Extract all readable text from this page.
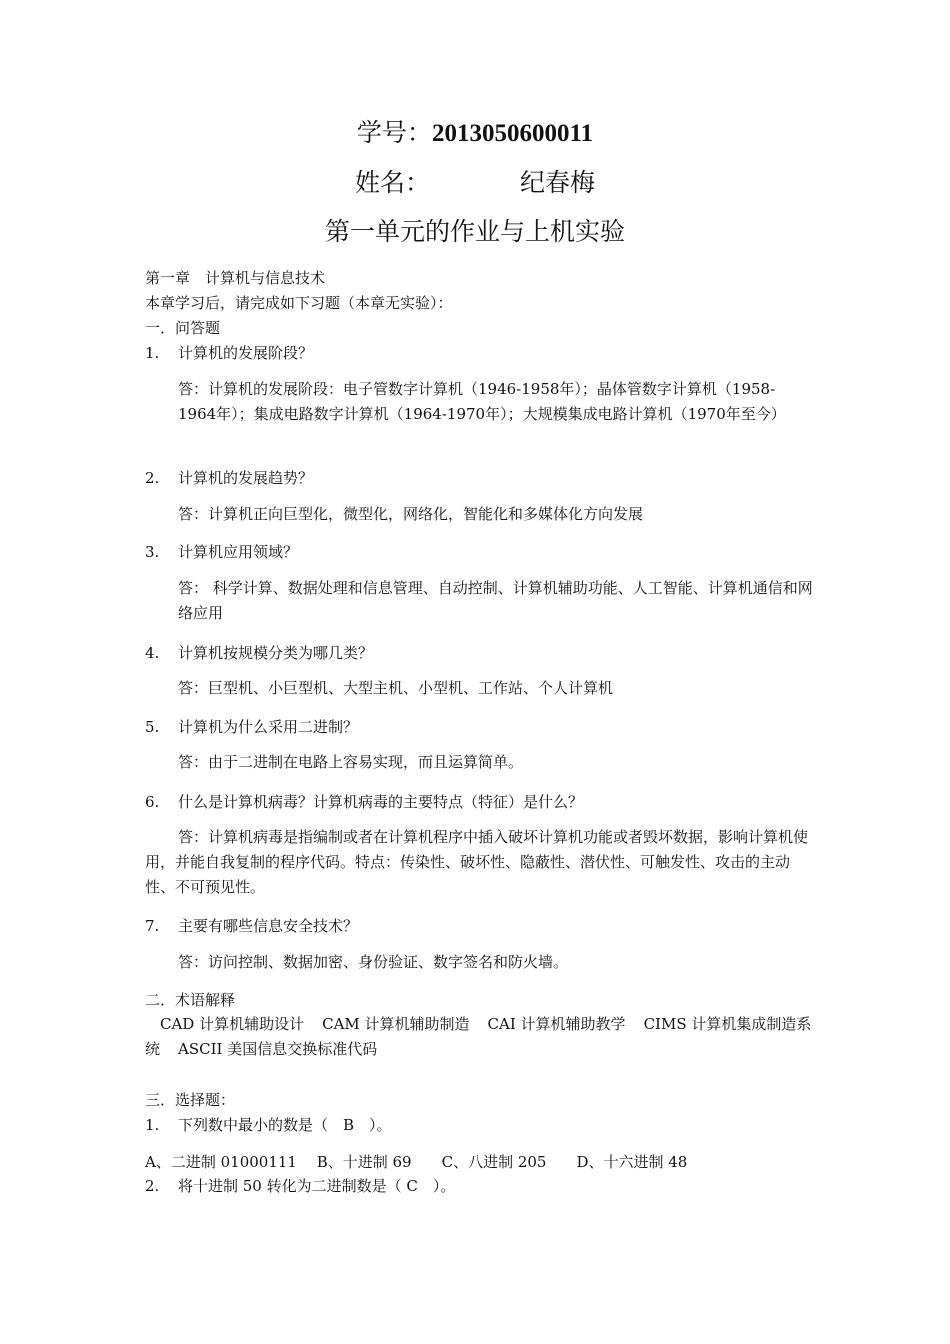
学号：2013050600011
姓名：	纪春梅
第一单元的作业与上机实验
第一章　计算机与信息技术
本章学习后，请完成如下习题（本章无实验）：
一．问答题
1. 计算机的发展阶段？
答：计算机的发展阶段：电子管数字计算机（1946-1958年）；晶体管数字计算机（1958-1964年）；集成电路数字计算机（1964-1970年）；大规模集成电路计算机（1970年至今）
2. 计算机的发展趋势？
答：计算机正向巨型化，微型化，网络化，智能化和多媒体化方向发展
3. 计算机应用领域？
答： 科学计算、数据处理和信息管理、自动控制、计算机辅助功能、人工智能、计算机通信和网络应用
4. 计算机按规模分类为哪几类？
答：巨型机、小巨型机、大型主机、小型机、工作站、个人计算机
5. 计算机为什么采用二进制？
答：由于二进制在电路上容易实现，而且运算简单。
6. 什么是计算机病毒？计算机病毒的主要特点（特征）是什么？
答：计算机病毒是指编制或者在计算机程序中插入破坏计算机功能或者毁坏数据，影响计算机使用，并能自我复制的程序代码。特点：传染性、破坏性、隐蔽性、潜伏性、可触发性、攻击的主动性、不可预见性。
7. 主要有哪些信息安全技术？
答：访问控制、数据加密、身份验证、数字签名和防火墙。
二．术语解释
CAD 计算机辅助设计 CAM 计算机辅助制造 CAI 计算机辅助教学 CIMS 计算机集成制造系统 ASCII 美国信息交换标准代码
三．选择题：
1. 下列数中最小的数是（　B　）。
A、二进制 01000111　 B、十进制 69　　C、八进制 205　　D、十六进制 48
2. 将十进制 50 转化为二进制数是（ C　）。
